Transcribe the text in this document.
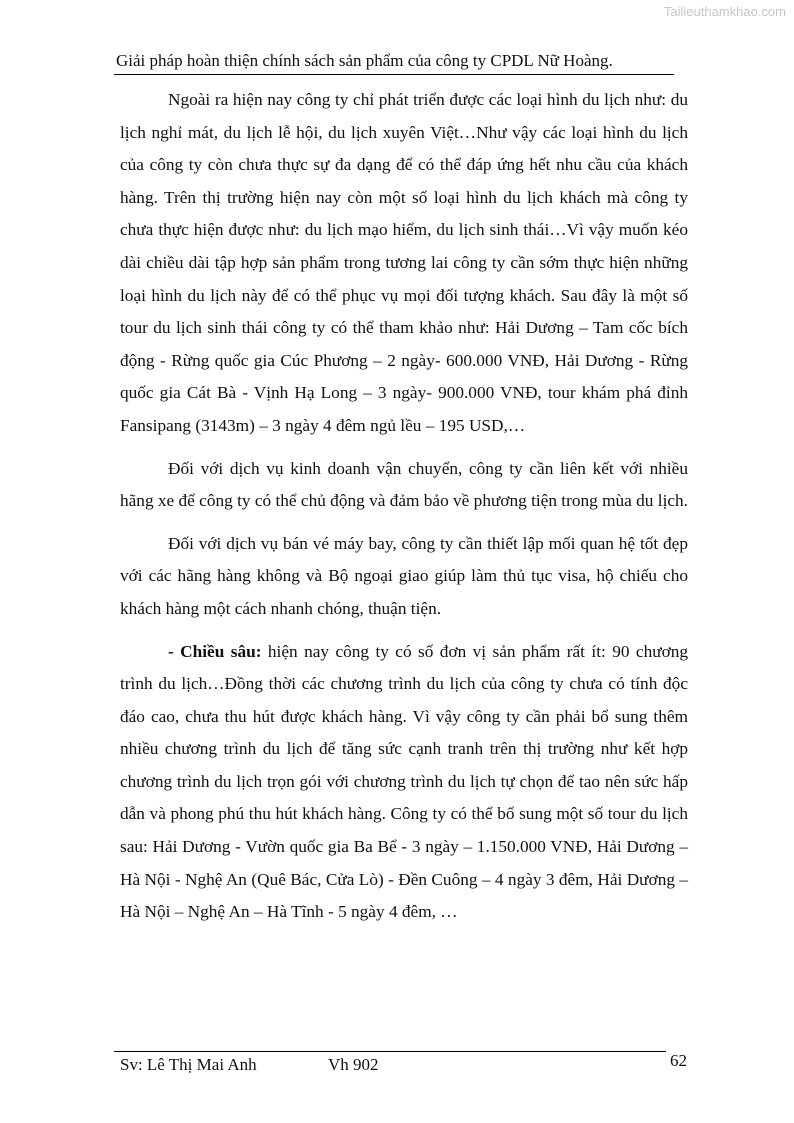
Tailieuthamkhao.com
Giải pháp hoàn thiện chính sách sản phẩm của công ty CPDL Nữ Hoàng.

Ngoài ra hiện nay công ty chỉ phát triển được các loại hình du lịch như: du lịch nghỉ mát, du lịch lễ hội, du lịch xuyên Việt…Như vậy các loại hình du lịch của công ty còn chưa thực sự đa dạng để có thể đáp ứng hết nhu cầu của khách hàng. Trên thị trường hiện nay còn một số loại hình du lịch khách mà công ty chưa thực hiện được như: du lịch mạo hiểm, du lịch sinh thái…Vì vậy muốn kéo dài chiều dài tập hợp sản phẩm trong tương lai công ty cần sớm thực hiện những loại hình du lịch này để có thể phục vụ mọi đối tượng khách. Sau đây là một số tour du lịch sinh thái công ty có thể tham khảo như: Hải Dương – Tam cốc bích động - Rừng quốc gia Cúc Phương – 2 ngày- 600.000 VNĐ, Hải Dương - Rừng quốc gia Cát Bà - Vịnh Hạ Long – 3 ngày- 900.000 VNĐ, tour khám phá đỉnh Fansipang (3143m) – 3 ngày 4 đêm ngủ lều – 195 USD,…

Đối với dịch vụ kinh doanh vận chuyển, công ty cần liên kết với nhiều hãng xe để công ty có thể chủ động và đảm bảo về phương tiện trong mùa du lịch.

Đối với dịch vụ bán vé máy bay, công ty cần thiết lập mối quan hệ tốt đẹp với các hãng hàng không và Bộ ngoại giao giúp làm thủ tục visa, hộ chiếu cho khách hàng một cách nhanh chóng, thuận tiện.

- Chiều sâu: hiện nay công ty có số đơn vị sản phẩm rất ít: 90 chương trình du lịch…Đồng thời các chương trình du lịch của công ty chưa có tính độc đáo cao, chưa thu hút được khách hàng. Vì vậy công ty cần phải bổ sung thêm nhiều chương trình du lịch để tăng sức cạnh tranh trên thị trường như kết hợp chương trình du lịch trọn gói với chương trình du lịch tự chọn để tao nên sức hấp dẫn và phong phú thu hút khách hàng. Công ty có thể bổ sung một số tour du lịch sau: Hải Dương - Vườn quốc gia Ba Bể - 3 ngày – 1.150.000 VNĐ, Hải Dương – Hà Nội - Nghệ An (Quê Bác, Cửa Lò) - Đền Cuông – 4 ngày 3 đêm, Hải Dương – Hà Nội – Nghệ An – Hà Tĩnh - 5 ngày 4 đêm, …

Sv: Lê Thị Mai Anh	Vh 902	62
